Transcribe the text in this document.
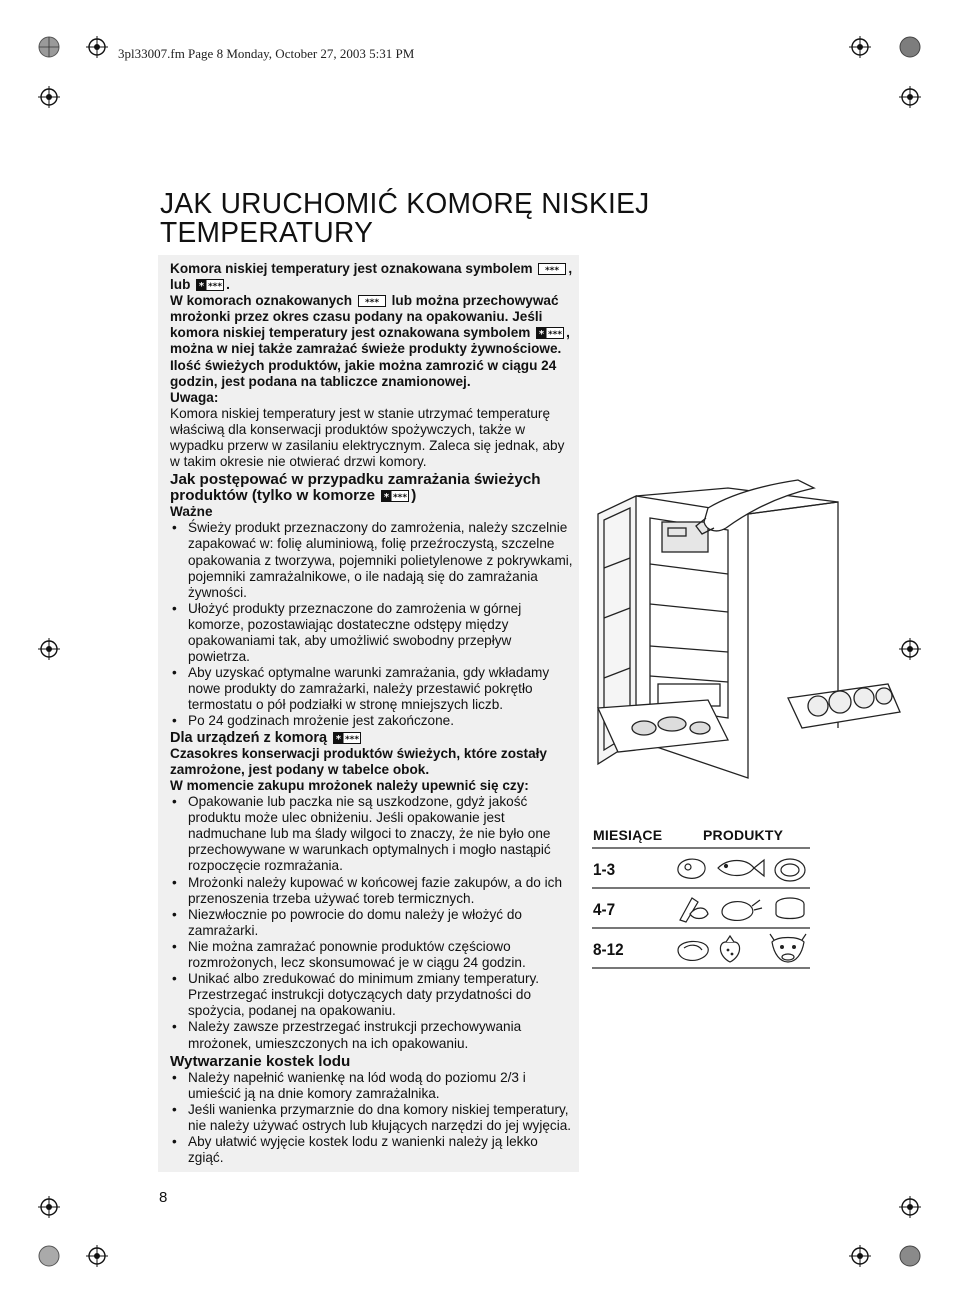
3pl33007.fm Page 8 Monday, October 27, 2003 5:31 PM
JAK URUCHOMIĆ KOMORĘ NISKIEJ
TEMPERATURY

Komora niskiej temperatury jest oznakowana symbolem *** , lub * *** .

W komorach oznakowanych *** lub można przechowywać mrożonki przez okres czasu podany na opakowaniu. Jeśli komora niskiej temperatury jest oznakowana symbolem * *** , można w niej także zamrażać świeże produkty żywnościowe.

Ilość świeżych produktów, jakie można zamrozić w ciągu 24 godzin, jest podana na tabliczce znamionowej.

Uwaga:

Komora niskiej temperatury jest w stanie utrzymać temperaturę właściwą dla konserwacji produktów spożywczych, także w wypadku przerw w zasilaniu elektrycznym. Zaleca się jednak, aby w takim okresie nie otwierać drzwi komory.

Jak postępować w przypadku zamrażania świeżych produktów (tylko w komorze * *** )

Ważne

• Świeży produkt przeznaczony do zamrożenia, należy szczelnie zapakować w: folię aluminiową, folię przeźroczystą, szczelne opakowania z tworzywa, pojemniki polietylenowe z pokrywkami, pojemniki zamrażalnikowe, o ile nadają się do zamrażania żywności.
• Ułożyć produkty przeznaczone do zamrożenia w górnej komorze, pozostawiając dostateczne odstępy między opakowaniami tak, aby umożliwić swobodny przepływ powietrza.
• Aby uzyskać optymalne warunki zamrażania, gdy wkładamy nowe produkty do zamrażarki, należy przestawić pokrętło termostatu o pół podziałki w stronę mniejszych liczb.
• Po 24 godzinach mrożenie jest zakończone.

Dla urządzeń z komorą * ***

Czasokres konserwacji produktów świeżych, które zostały zamrożone, jest podany w tabelce obok.

W momencie zakupu mrożonek należy upewnić się czy:

• Opakowanie lub paczka nie są uszkodzone, gdyż jakość produktu może ulec obniżeniu. Jeśli opakowanie jest nadmuchane lub ma ślady wilgoci to znaczy, że nie było one przechowywane w warunkach optymalnych i mogło nastąpić rozpoczęcie rozmrażania.
• Mrożonki należy kupować w końcowej fazie zakupów, a do ich przenoszenia trzeba używać toreb termicznych.
• Niezwłocznie po powrocie do domu należy je włożyć do zamrażarki.
• Nie można zamrażać ponownie produktów częściowo rozmrożonych, lecz skonsumować je w ciągu 24 godzin.
• Unikać albo zredukować do minimum zmiany temperatury. Przestrzegać instrukcji dotyczących daty przydatności do spożycia, podanej na opakowaniu.
• Należy zawsze przestrzegać instrukcji przechowywania mrożonek, umieszczonych na ich opakowaniu.

Wytwarzanie kostek lodu

• Należy napełnić wanienkę na lód wodą do poziomu 2/3 i umieścić ją na dnie komory zamrażalnika.
• Jeśli wanienka przymarznie do dna komory niskiej temperatury, nie należy używać ostrych lub kłujących narzędzi do jej wyjęcia.
• Aby ułatwić wyjęcie kostek lodu z wanienki należy ją lekko zgiąć.
MIESIĄCE	PRODUKTY
1-3
4-7
8-12
8
